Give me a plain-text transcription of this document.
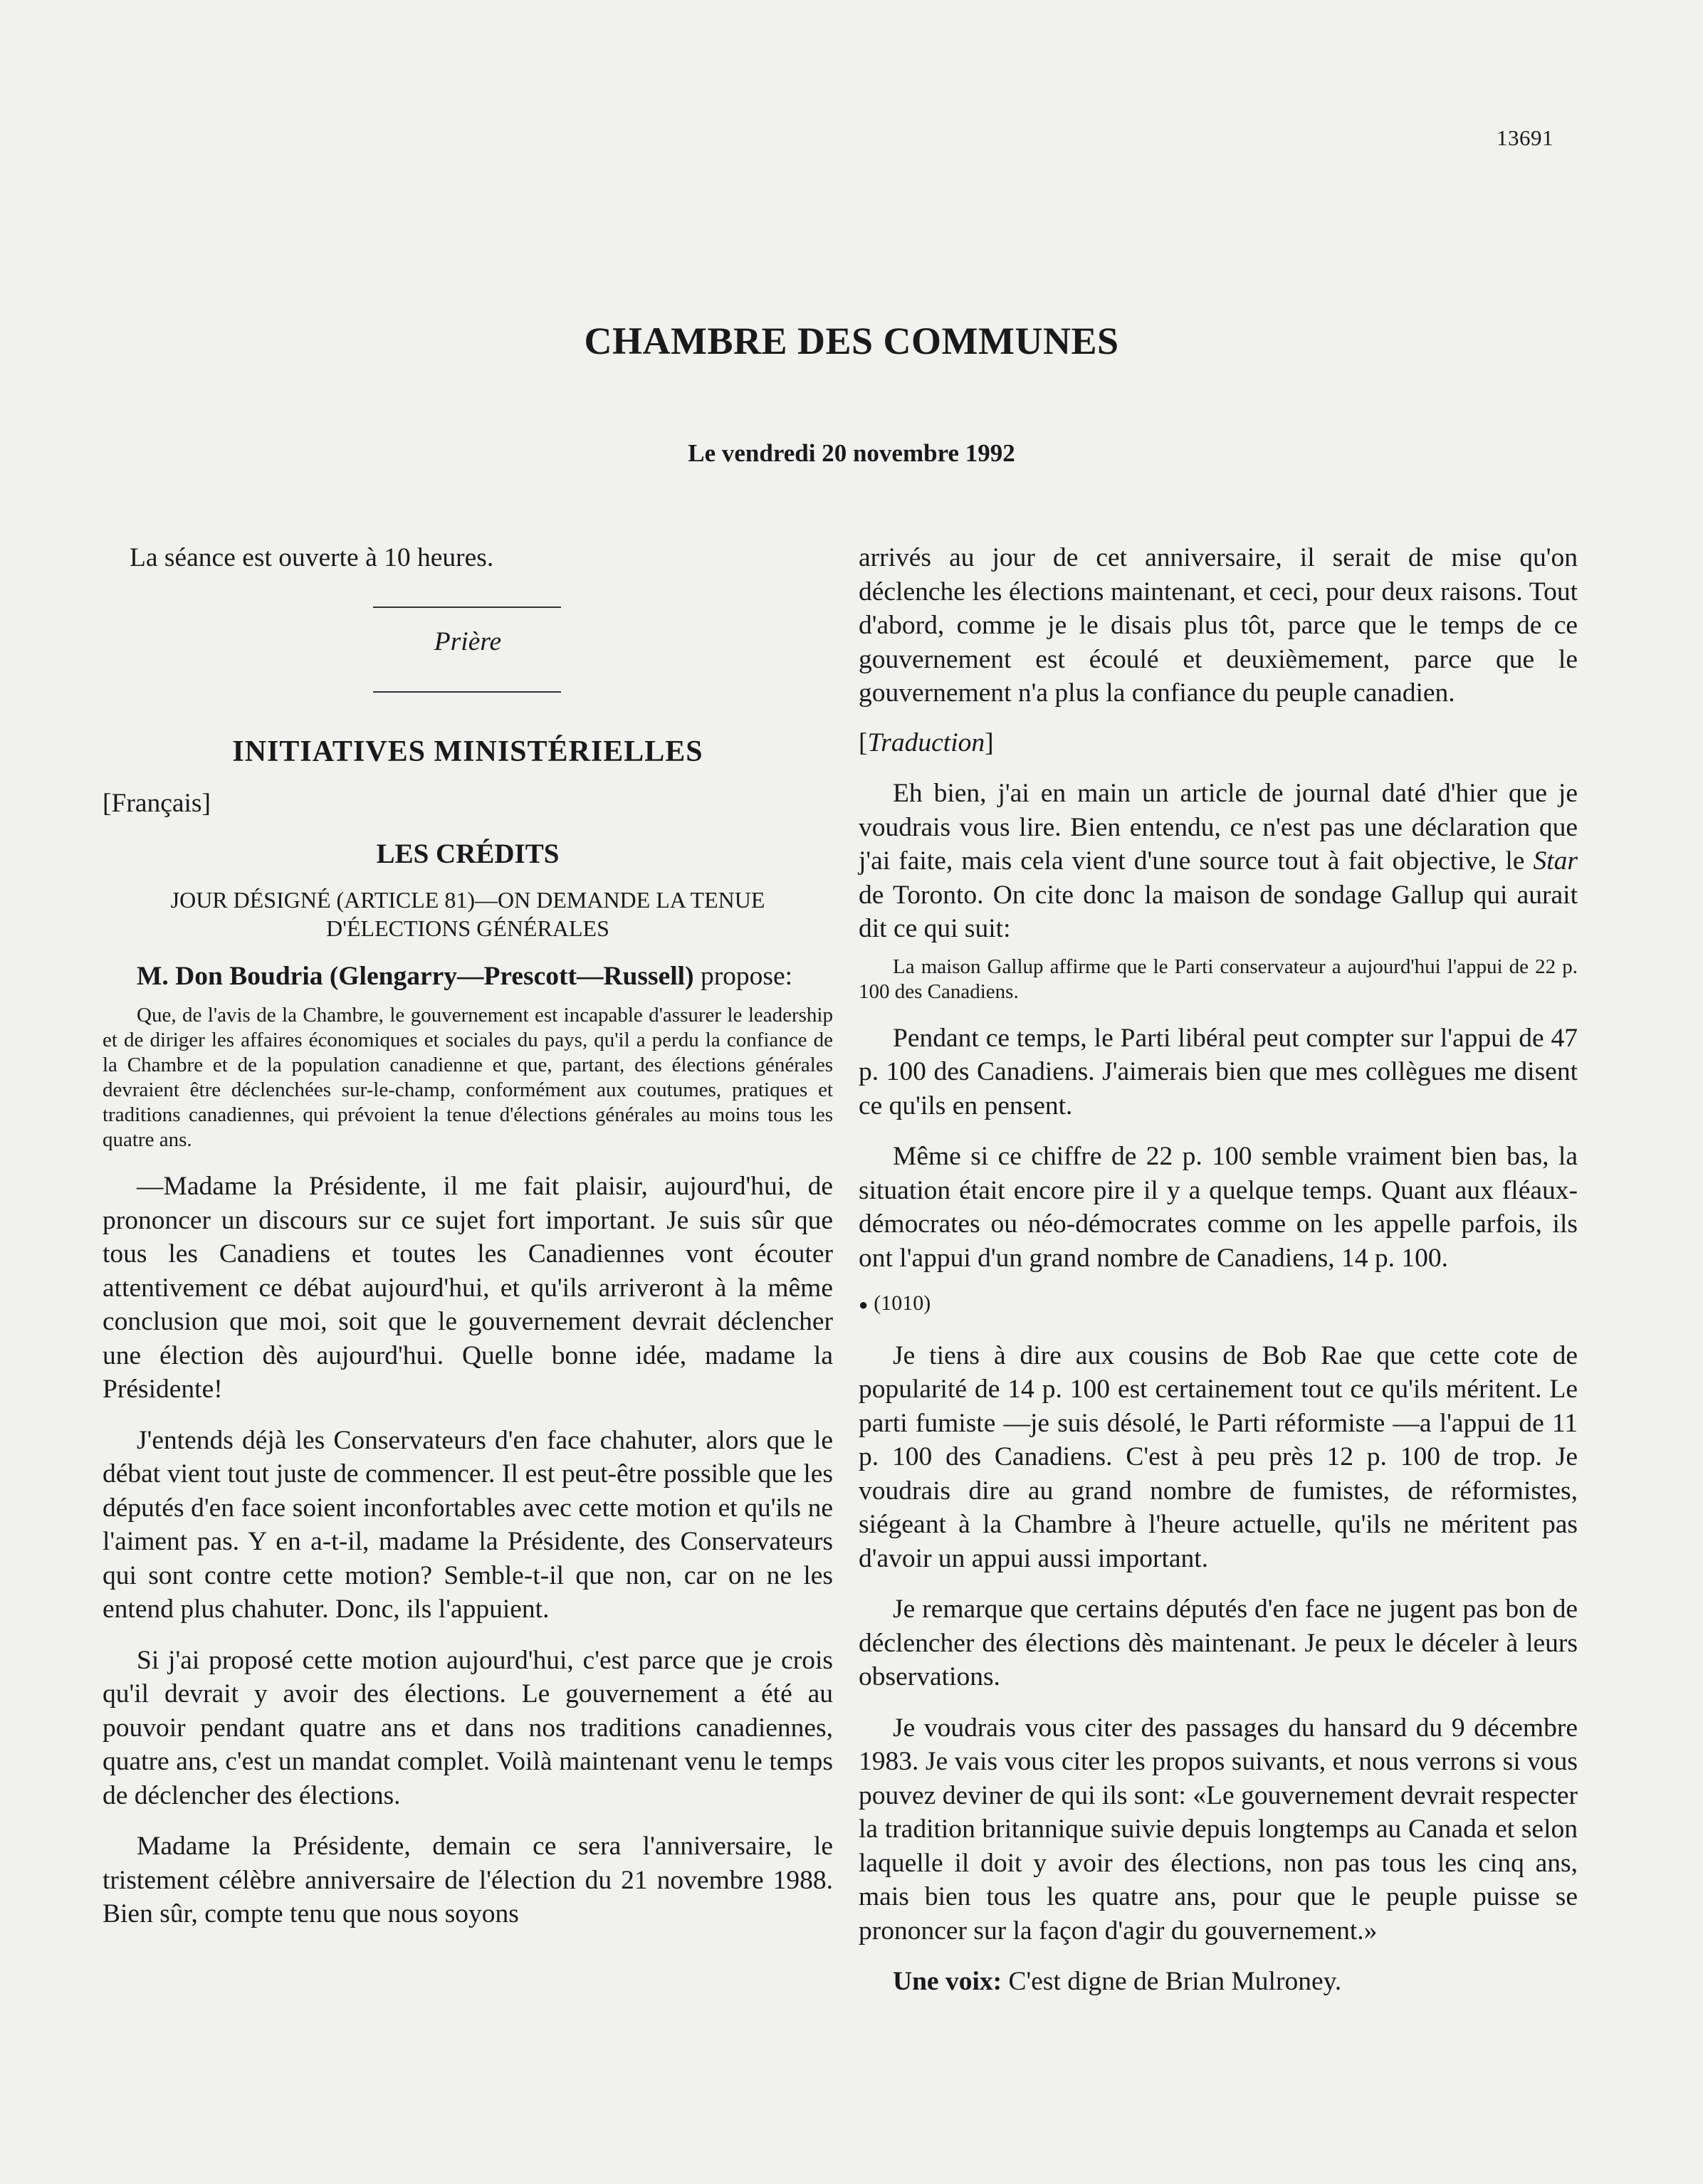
13691
CHAMBRE DES COMMUNES
Le vendredi 20 novembre 1992

La séance est ouverte à 10 heures.

Prière

INITIATIVES MINISTÉRIELLES

[Français]

LES CRÉDITS

JOUR DÉSIGNÉ (ARTICLE 81)—ON DEMANDE LA TENUE D'ÉLECTIONS GÉNÉRALES

M. Don Boudria (Glengarry—Prescott—Russell) propose:

Que, de l'avis de la Chambre, le gouvernement est incapable d'assurer le leadership et de diriger les affaires économiques et sociales du pays, qu'il a perdu la confiance de la Chambre et de la population canadienne et que, partant, des élections générales devraient être déclenchées sur-le-champ, conformément aux coutumes, pratiques et traditions canadiennes, qui prévoient la tenue d'élections générales au moins tous les quatre ans.

—Madame la Présidente, il me fait plaisir, aujourd'hui, de prononcer un discours sur ce sujet fort important. Je suis sûr que tous les Canadiens et toutes les Canadiennes vont écouter attentivement ce débat aujourd'hui, et qu'ils arriveront à la même conclusion que moi, soit que le gouvernement devrait déclencher une élection dès aujourd'hui. Quelle bonne idée, madame la Présidente!

J'entends déjà les Conservateurs d'en face chahuter, alors que le débat vient tout juste de commencer. Il est peut-être possible que les députés d'en face soient inconfortables avec cette motion et qu'ils ne l'aiment pas. Y en a-t-il, madame la Présidente, des Conservateurs qui sont contre cette motion? Semble-t-il que non, car on ne les entend plus chahuter. Donc, ils l'appuient.

Si j'ai proposé cette motion aujourd'hui, c'est parce que je crois qu'il devrait y avoir des élections. Le gouvernement a été au pouvoir pendant quatre ans et dans nos traditions canadiennes, quatre ans, c'est un mandat complet. Voilà maintenant venu le temps de déclencher des élections.

Madame la Présidente, demain ce sera l'anniversaire, le tristement célèbre anniversaire de l'élection du 21 novembre 1988. Bien sûr, compte tenu que nous soyons

arrivés au jour de cet anniversaire, il serait de mise qu'on déclenche les élections maintenant, et ceci, pour deux raisons. Tout d'abord, comme je le disais plus tôt, parce que le temps de ce gouvernement est écoulé et deuxièmement, parce que le gouvernement n'a plus la confiance du peuple canadien.

[Traduction]

Eh bien, j'ai en main un article de journal daté d'hier que je voudrais vous lire. Bien entendu, ce n'est pas une déclaration que j'ai faite, mais cela vient d'une source tout à fait objective, le Star de Toronto. On cite donc la maison de sondage Gallup qui aurait dit ce qui suit:

La maison Gallup affirme que le Parti conservateur a aujourd'hui l'appui de 22 p. 100 des Canadiens.

Pendant ce temps, le Parti libéral peut compter sur l'appui de 47 p. 100 des Canadiens. J'aimerais bien que mes collègues me disent ce qu'ils en pensent.

Même si ce chiffre de 22 p. 100 semble vraiment bien bas, la situation était encore pire il y a quelque temps. Quant aux fléaux-démocrates ou néo-démocrates comme on les appelle parfois, ils ont l'appui d'un grand nombre de Canadiens, 14 p. 100.

● (1010)

Je tiens à dire aux cousins de Bob Rae que cette cote de popularité de 14 p. 100 est certainement tout ce qu'ils méritent. Le parti fumiste —je suis désolé, le Parti réformiste —a l'appui de 11 p. 100 des Canadiens. C'est à peu près 12 p. 100 de trop. Je voudrais dire au grand nombre de fumistes, de réformistes, siégeant à la Chambre à l'heure actuelle, qu'ils ne méritent pas d'avoir un appui aussi important.

Je remarque que certains députés d'en face ne jugent pas bon de déclencher des élections dès maintenant. Je peux le déceler à leurs observations.

Je voudrais vous citer des passages du hansard du 9 décembre 1983. Je vais vous citer les propos suivants, et nous verrons si vous pouvez deviner de qui ils sont: «Le gouvernement devrait respecter la tradition britannique suivie depuis longtemps au Canada et selon laquelle il doit y avoir des élections, non pas tous les cinq ans, mais bien tous les quatre ans, pour que le peuple puisse se prononcer sur la façon d'agir du gouvernement.»

Une voix: C'est digne de Brian Mulroney.
